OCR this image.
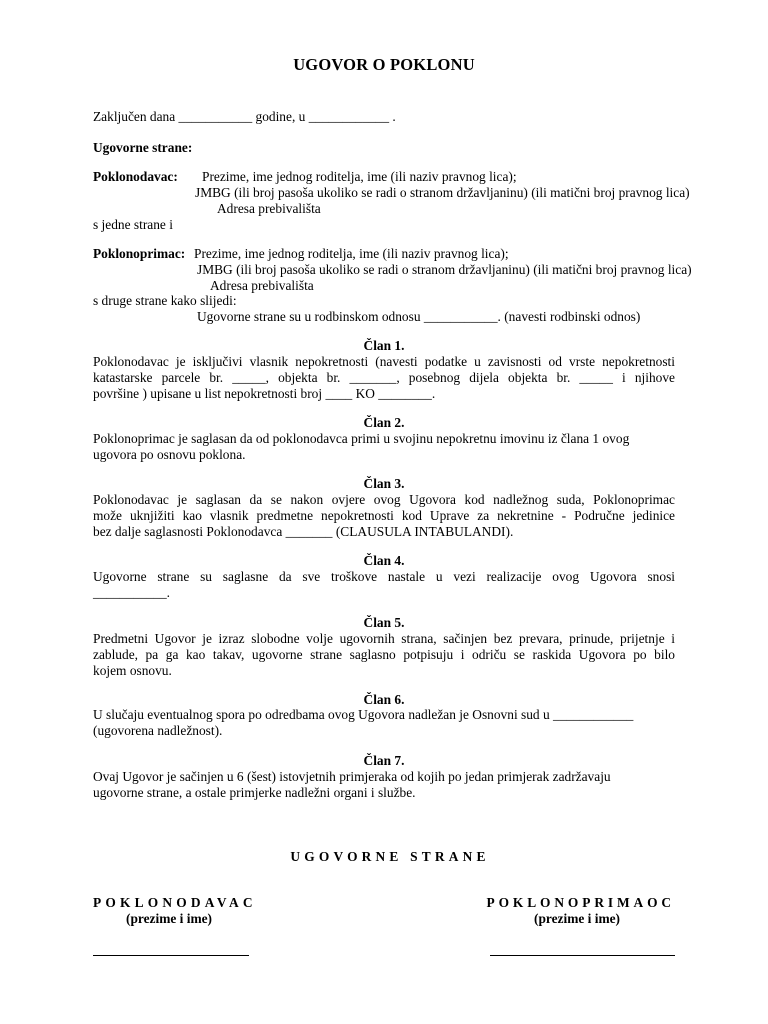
UGOVOR O POKLONU
Zaključen dana ___________ godine, u ____________ .
Ugovorne strane:
Poklonodavac: Prezime, ime jednog roditelja, ime (ili naziv pravnog lica);
JMBG (ili broj pasoša ukoliko se radi o stranom državljaninu) (ili matični broj pravnog lica)
Adresa prebivališta
s jedne strane i
Poklonoprimac: Prezime, ime jednog roditelja, ime (ili naziv pravnog lica);
JMBG (ili broj pasoša ukoliko se radi o stranom državljaninu) (ili matični broj pravnog lica)
Adresa prebivališta
s druge strane kako slijedi:
Ugovorne strane su u rodbinskom odnosu ___________. (navesti rodbinski odnos)
Član 1.
Poklonodavac je isključivi vlasnik nepokretnosti (navesti podatke u zavisnosti od vrste nepokretnosti
katastarske parcele br. _____, objekta br. _______, posebnog dijela objekta br. _____ i njihove
površine ) upisane u list nepokretnosti broj ____ KO ________.
Član 2.
Poklonoprimac je saglasan da od poklonodavca primi u svojinu nepokretnu imovinu iz člana 1 ovog
ugovora po osnovu poklona.
Član 3.
Poklonodavac je saglasan da se nakon ovjere ovog Ugovora kod nadležnog suda, Poklonoprimac
može uknjižiti kao vlasnik predmetne nepokretnosti kod Uprave za nekretnine - Područne jedinice
bez dalje saglasnosti Poklonodavca _______ (CLAUSULA INTABULANDI).
Član 4.
Ugovorne strane su saglasne da sve troškove nastale u vezi realizacije ovog Ugovora snosi
___________.
Član 5.
Predmetni Ugovor je izraz slobodne volje ugovornih strana, sačinjen bez prevara, prinude, prijetnje i
zablude, pa ga kao takav, ugovorne strane saglasno potpisuju i odriču se raskida Ugovora po bilo
kojem osnovu.
Član 6.
U slučaju eventualnog spora po odredbama ovog Ugovora nadležan je Osnovni sud u ____________
(ugovorena nadležnost).
Član 7.
Ovaj Ugovor je sačinjen u 6 (šest) istovjetnih primjeraka od kojih po jedan primjerak zadržavaju
ugovorne strane, a ostale primjerke nadležni organi i službe.
UGOVORNE STRANE
POKLONODAVAC
(prezime i ime)
POKLONOPRIMAOC
(prezime i ime)
